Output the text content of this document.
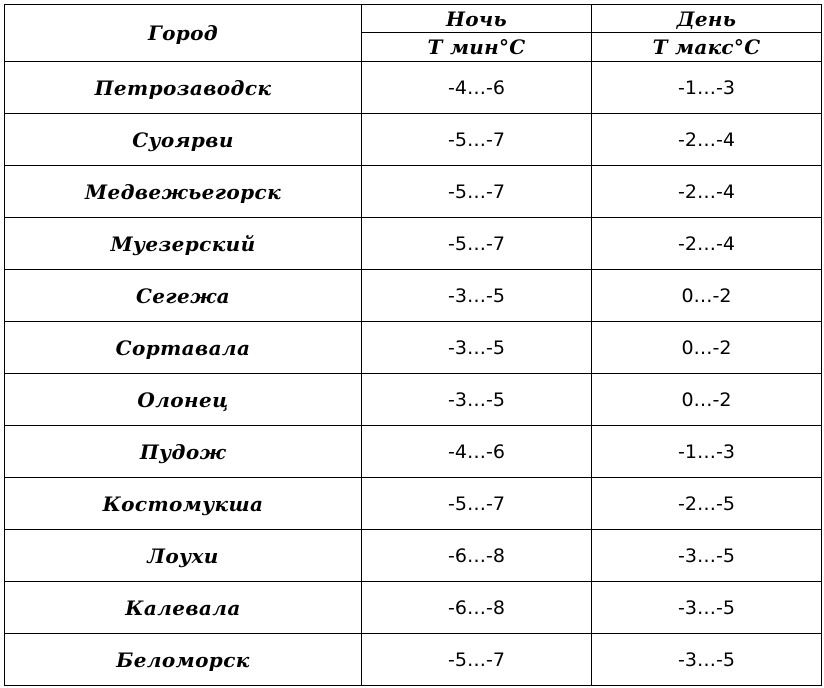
Город	Ночь	День
	Т мин°С	Т макс°С
Петрозаводск	-4…-6	-1…-3
Суоярви	-5…-7	-2…-4
Медвежьегорск	-5…-7	-2…-4
Муезерский	-5…-7	-2…-4
Сегежа	-3…-5	0…-2
Сортавала	-3…-5	0…-2
Олонец	-3…-5	0…-2
Пудож	-4…-6	-1…-3
Костомукша	-5…-7	-2…-5
Лоухи	-6…-8	-3…-5
Калевала	-6…-8	-3…-5
Беломорск	-5…-7	-3…-5
